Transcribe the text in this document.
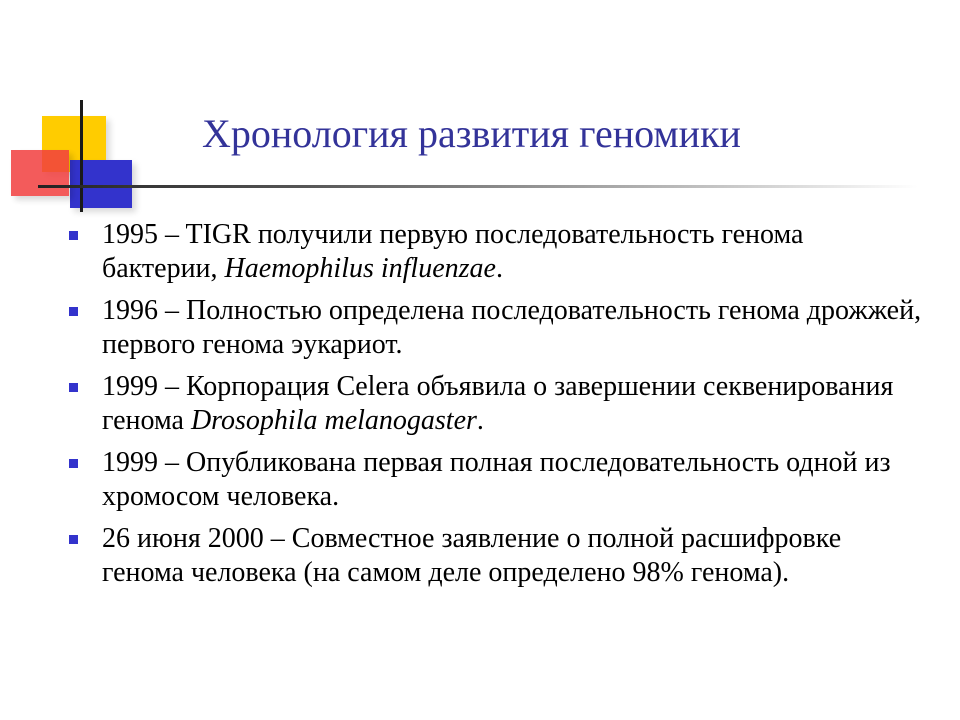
Хронология развития геномики
1995 – TIGR получили первую последовательность генома бактерии, Haemophilus influenzae.
1996 – Полностью определена последовательность генома дрожжей, первого генома эукариот.
1999 – Корпорация Celera объявила о завершении секвенирования генома Drosophila melanogaster.
1999 – Опубликована первая полная последовательность одной из хромосом человека.
26 июня 2000 – Совместное заявление о полной расшифровке генома человека (на самом деле определено 98% генома).
